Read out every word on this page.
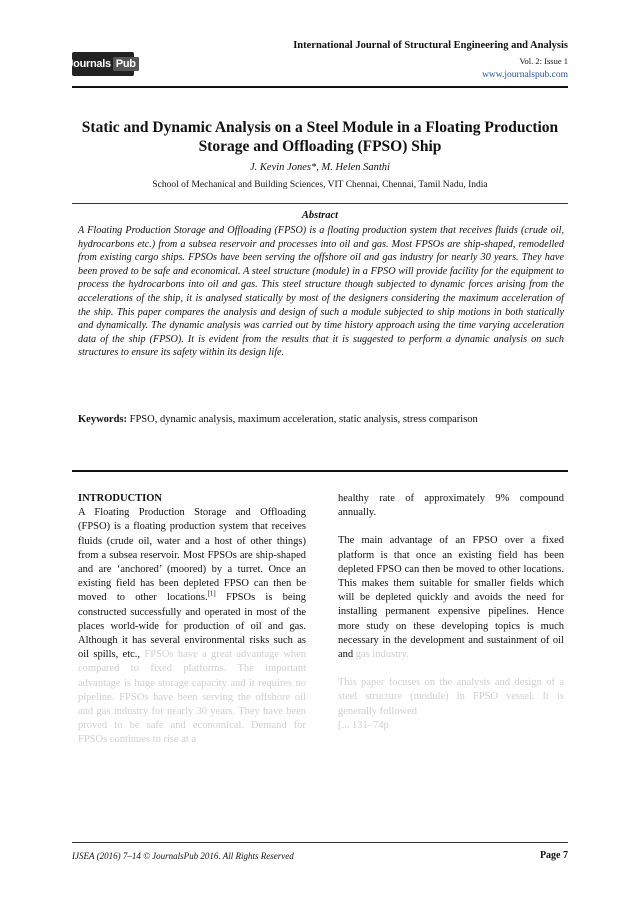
Journals Pub
International Journal of Structural Engineering and Analysis
Vol. 2: Issue 1
www.journalspub.com
Static and Dynamic Analysis on a Steel Module in a Floating Production Storage and Offloading (FPSO) Ship
J. Kevin Jones*, M. Helen Santhi
School of Mechanical and Building Sciences, VIT Chennai, Chennai, Tamil Nadu, India
Abstract

A Floating Production Storage and Offloading (FPSO) is a floating production system that receives fluids (crude oil, hydrocarbons etc.) from a subsea reservoir and processes into oil and gas. Most FPSOs are ship-shaped, remodelled from existing cargo ships. FPSOs have been serving the offshore oil and gas industry for nearly 30 years. They have been proved to be safe and economical. A steel structure (module) in a FPSO will provide facility for the equipment to process the hydrocarbons into oil and gas. This steel structure though subjected to dynamic forces arising from the accelerations of the ship, it is analysed statically by most of the designers considering the maximum acceleration of the ship. This paper compares the analysis and design of such a module subjected to ship motions in both statically and dynamically. The dynamic analysis was carried out by time history approach using the time varying acceleration data of the ship (FPSO). It is evident from the results that it is suggested to perform a dynamic analysis on such structures to ensure its safety within its design life.

Keywords: FPSO, dynamic analysis, maximum acceleration, static analysis, stress comparison

INTRODUCTION

A Floating Production Storage and Offloading (FPSO) is a floating production system that receives fluids (crude oil, water and a host of other things) from a subsea reservoir. Most FPSOs are ship-shaped and are ‘anchored’ (moored) by a turret. Once an existing field has been depleted FPSO can then be moved to other locations.[1] FPSOs is being constructed successfully and operated in most of the places world-wide for production of oil and gas. Although it has several environmental risks such as oil spills, etc., FPSOs have a great advantage when compared to fixed platforms. The important advantage is huge storage capacity and it requires no pipeline. FPSOs have been serving the offshore oil and gas industry for nearly 30 years. They have been proved to be safe and economical. Demand for FPSOs continues to rise at a

healthy rate of approximately 9% compound annually.

The main advantage of an FPSO over a fixed platform is that once an existing field has been depleted FPSO can then be moved to other locations. This makes them suitable for smaller fields which will be depleted quickly and avoids the need for installing permanent expensive pipelines. Hence more study on these developing topics is much necessary in the development and sustainment of oil and gas industry.

This paper focuses on the analysis and design of a steel structure (module) in FPSO vessel. It is generally followed

[... 131–74p

IJSEA (2016) 7–14 © JournalsPub 2016. All Rights Reserved	Page 7
